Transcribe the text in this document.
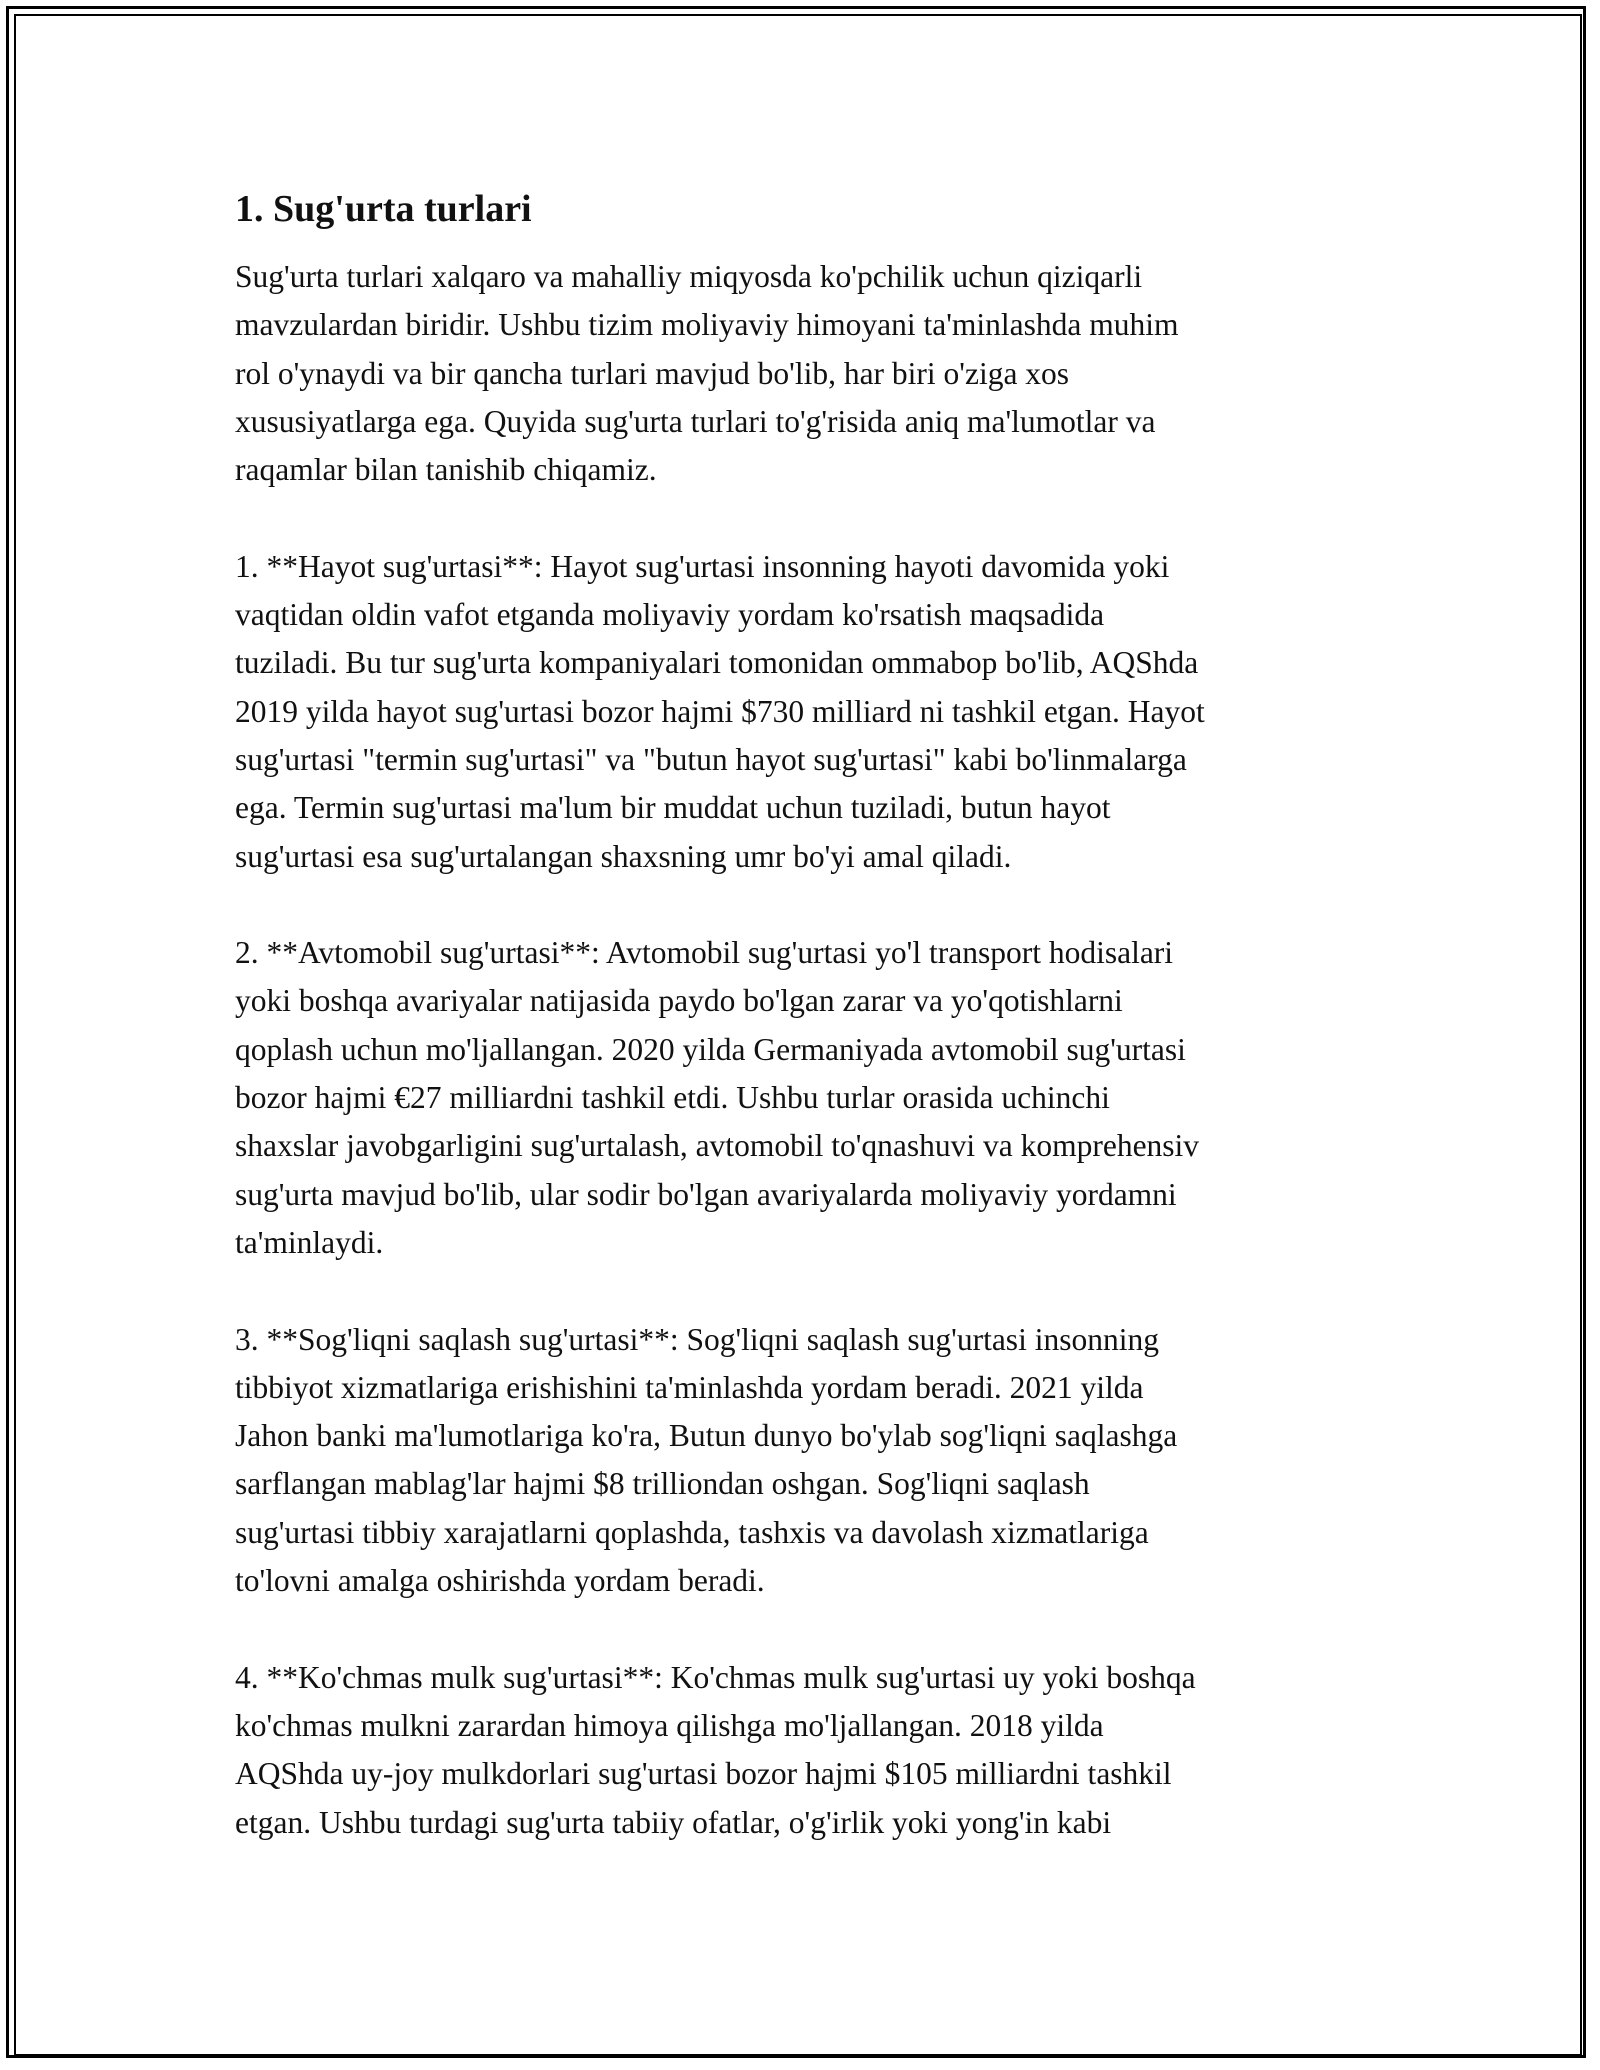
1. Sug'urta turlari

Sug'urta turlari xalqaro va mahalliy miqyosda ko'pchilik uchun qiziqarli
mavzulardan biridir. Ushbu tizim moliyaviy himoyani ta'minlashda muhim
rol o'ynaydi va bir qancha turlari mavjud bo'lib, har biri o'ziga xos
xususiyatlarga ega. Quyida sug'urta turlari to'g'risida aniq ma'lumotlar va
raqamlar bilan tanishib chiqamiz.

1. **Hayot sug'urtasi**: Hayot sug'urtasi insonning hayoti davomida yoki
vaqtidan oldin vafot etganda moliyaviy yordam ko'rsatish maqsadida
tuziladi. Bu tur sug'urta kompaniyalari tomonidan ommabop bo'lib, AQShda
2019 yilda hayot sug'urtasi bozor hajmi $730 milliard ni tashkil etgan. Hayot
sug'urtasi "termin sug'urtasi" va "butun hayot sug'urtasi" kabi bo'linmalarga
ega. Termin sug'urtasi ma'lum bir muddat uchun tuziladi, butun hayot
sug'urtasi esa sug'urtalangan shaxsning umr bo'yi amal qiladi.

2. **Avtomobil sug'urtasi**: Avtomobil sug'urtasi yo'l transport hodisalari
yoki boshqa avariyalar natijasida paydo bo'lgan zarar va yo'qotishlarni
qoplash uchun mo'ljallangan. 2020 yilda Germaniyada avtomobil sug'urtasi
bozor hajmi €27 milliardni tashkil etdi. Ushbu turlar orasida uchinchi
shaxslar javobgarligini sug'urtalash, avtomobil to'qnashuvi va komprehensiv
sug'urta mavjud bo'lib, ular sodir bo'lgan avariyalarda moliyaviy yordamni
ta'minlaydi.

3. **Sog'liqni saqlash sug'urtasi**: Sog'liqni saqlash sug'urtasi insonning
tibbiyot xizmatlariga erishishini ta'minlashda yordam beradi. 2021 yilda
Jahon banki ma'lumotlariga ko'ra, Butun dunyo bo'ylab sog'liqni saqlashga
sarflangan mablag'lar hajmi $8 trilliondan oshgan. Sog'liqni saqlash
sug'urtasi tibbiy xarajatlarni qoplashda, tashxis va davolash xizmatlariga
to'lovni amalga oshirishda yordam beradi.

4. **Ko'chmas mulk sug'urtasi**: Ko'chmas mulk sug'urtasi uy yoki boshqa
ko'chmas mulkni zarardan himoya qilishga mo'ljallangan. 2018 yilda
AQShda uy-joy mulkdorlari sug'urtasi bozor hajmi $105 milliardni tashkil
etgan. Ushbu turdagi sug'urta tabiiy ofatlar, o'g'irlik yoki yong'in kabi
